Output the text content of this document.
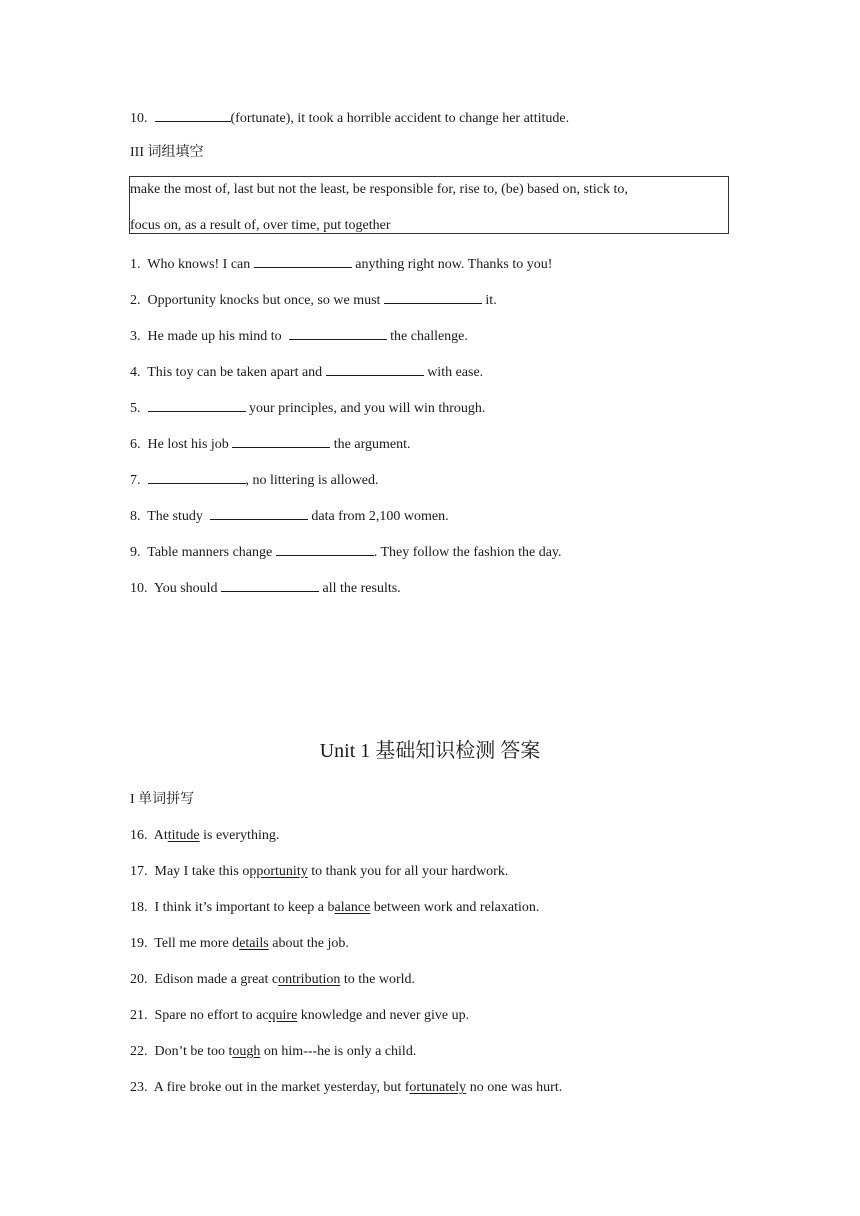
10.	(fortunate), it took a horrible accident to change her attitude.
III 词组填空
make the most of, last but not the least, be responsible for, rise to, (be) based on, stick to,
focus on, as a result of, over time, put together
1. Who knows! I can	anything right now. Thanks to you!
2. Opportunity knocks but once, so we must	it.
3. He made up his mind to	the challenge.
4. This toy can be taken apart and	with ease.
5.	your principles, and you will win through.
6. He lost his job	the argument.
7.	, no littering is allowed.
8. The study	data from 2,100 women.
9. Table manners change	. They follow the fashion the day.
10. You should	all the results.
Unit 1 基础知识检测 答案
I 单词拼写
16. Attitude is everything.
17. May I take this opportunity to thank you for all your hardwork.
18. I think it’s important to keep a balance between work and relaxation.
19. Tell me more details about the job.
20. Edison made a great contribution to the world.
21. Spare no effort to acquire knowledge and never give up.
22. Don’t be too tough on him---he is only a child.
23. A fire broke out in the market yesterday, but fortunately no one was hurt.
